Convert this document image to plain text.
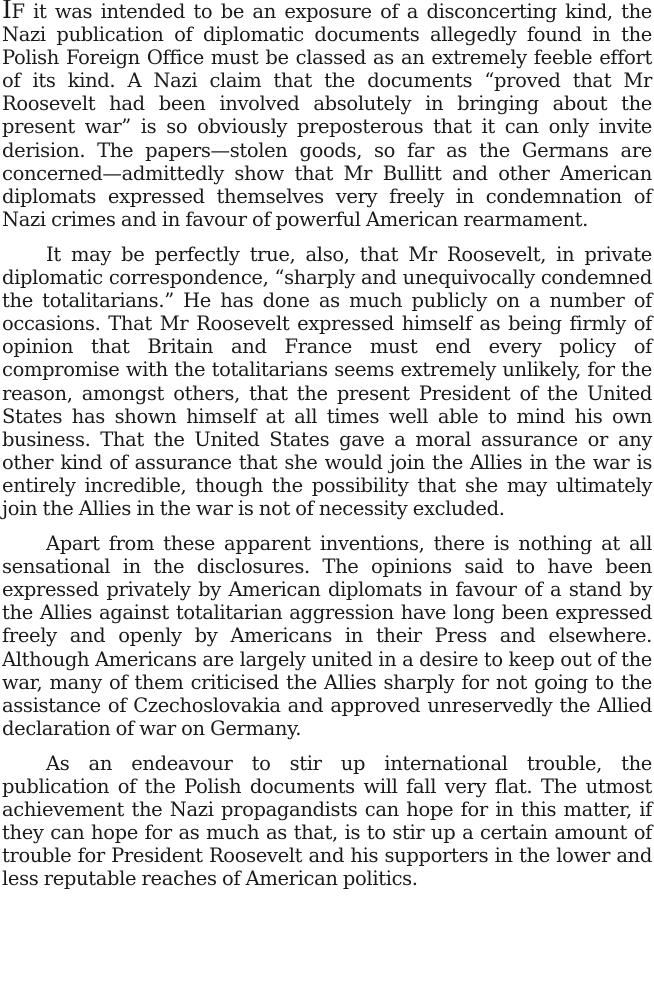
IF it was intended to be an exposure of a disconcerting kind, the Nazi publication of diplomatic documents allegedly found in the Polish Foreign Office must be classed as an extremely feeble effort of its kind. A Nazi claim that the documents “proved that Mr Roosevelt had been involved absolutely in bringing about the present war” is so obviously preposterous that it can only invite derision. The papers—stolen goods, so far as the Germans are concerned—admittedly show that Mr Bullitt and other American diplomats expressed themselves very freely in condemnation of Nazi crimes and in favour of powerful American rearmament.

It may be perfectly true, also, that Mr Roosevelt, in private diplomatic correspondence, “sharply and unequivocally condemned the totalitarians.” He has done as much publicly on a number of occasions. That Mr Roosevelt expressed himself as being firmly of opinion that Britain and France must end every policy of compromise with the totalitarians seems extremely unlikely, for the reason, amongst others, that the present President of the United States has shown himself at all times well able to mind his own business. That the United States gave a moral assurance or any other kind of assurance that she would join the Allies in the war is entirely incredible, though the possibility that she may ultimately join the Allies in the war is not of necessity excluded.

Apart from these apparent inventions, there is nothing at all sensational in the disclosures. The opinions said to have been expressed privately by American diplomats in favour of a stand by the Allies against totalitarian aggression have long been expressed freely and openly by Americans in their Press and elsewhere. Although Americans are largely united in a desire to keep out of the war, many of them criticised the Allies sharply for not going to the assistance of Czechoslovakia and approved unreservedly the Allied declaration of war on Germany.

As an endeavour to stir up international trouble, the publication of the Polish documents will fall very flat. The utmost achievement the Nazi propagandists can hope for in this matter, if they can hope for as much as that, is to stir up a certain amount of trouble for President Roosevelt and his supporters in the lower and less reputable reaches of American politics.
